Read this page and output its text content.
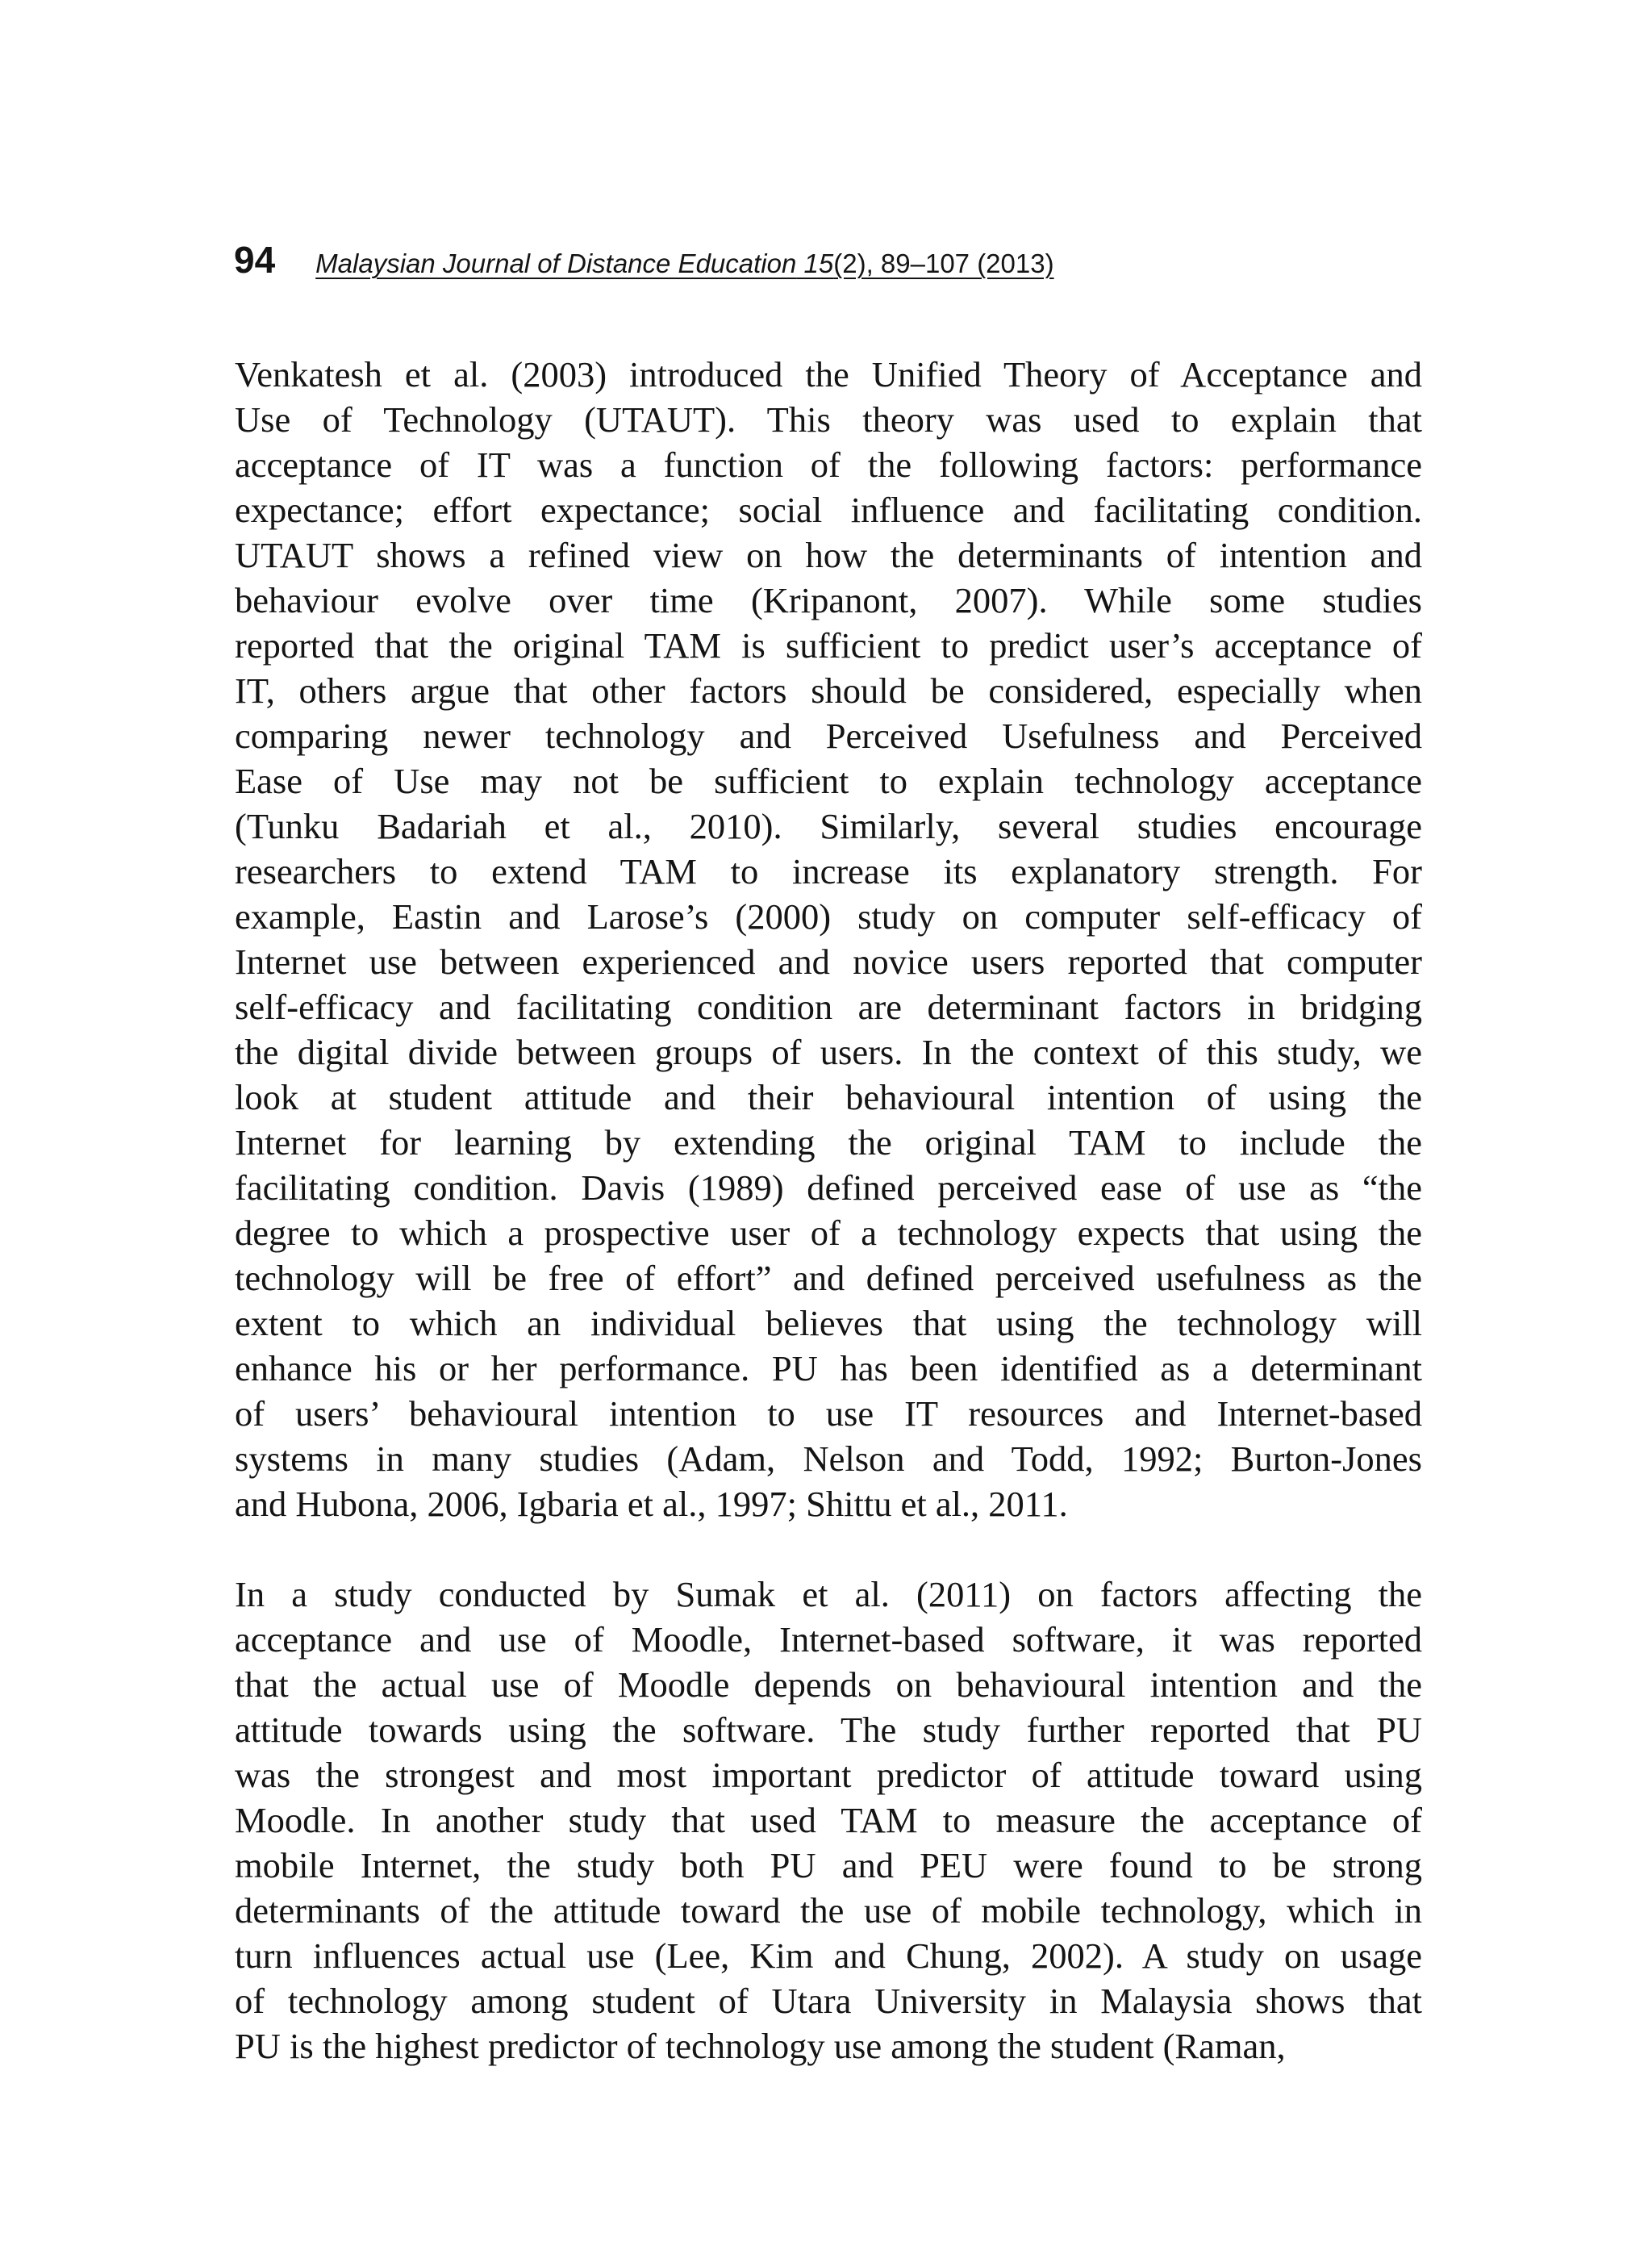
94 Malaysian Journal of Distance Education 15(2), 89–107 (2013)
Venkatesh et al. (2003) introduced the Unified Theory of Acceptance and
Use of Technology (UTAUT). This theory was used to explain that
acceptance of IT was a function of the following factors: performance
expectance; effort expectance; social influence and facilitating condition.
UTAUT shows a refined view on how the determinants of intention and
behaviour evolve over time (Kripanont, 2007). While some studies
reported that the original TAM is sufficient to predict user’s acceptance of
IT, others argue that other factors should be considered, especially when
comparing newer technology and Perceived Usefulness and Perceived
Ease of Use may not be sufficient to explain technology acceptance
(Tunku Badariah et al., 2010). Similarly, several studies encourage
researchers to extend TAM to increase its explanatory strength. For
example, Eastin and Larose’s (2000) study on computer self-efficacy of
Internet use between experienced and novice users reported that computer
self-efficacy and facilitating condition are determinant factors in bridging
the digital divide between groups of users. In the context of this study, we
look at student attitude and their behavioural intention of using the
Internet for learning by extending the original TAM to include the
facilitating condition. Davis (1989) defined perceived ease of use as “the
degree to which a prospective user of a technology expects that using the
technology will be free of effort” and defined perceived usefulness as the
extent to which an individual believes that using the technology will
enhance his or her performance. PU has been identified as a determinant
of users’ behavioural intention to use IT resources and Internet-based
systems in many studies (Adam, Nelson and Todd, 1992; Burton-Jones
and Hubona, 2006, Igbaria et al., 1997; Shittu et al., 2011.
In a study conducted by Sumak et al. (2011) on factors affecting the
acceptance and use of Moodle, Internet-based software, it was reported
that the actual use of Moodle depends on behavioural intention and the
attitude towards using the software. The study further reported that PU
was the strongest and most important predictor of attitude toward using
Moodle. In another study that used TAM to measure the acceptance of
mobile Internet, the study both PU and PEU were found to be strong
determinants of the attitude toward the use of mobile technology, which in
turn influences actual use (Lee, Kim and Chung, 2002). A study on usage
of technology among student of Utara University in Malaysia shows that
PU is the highest predictor of technology use among the student (Raman,
